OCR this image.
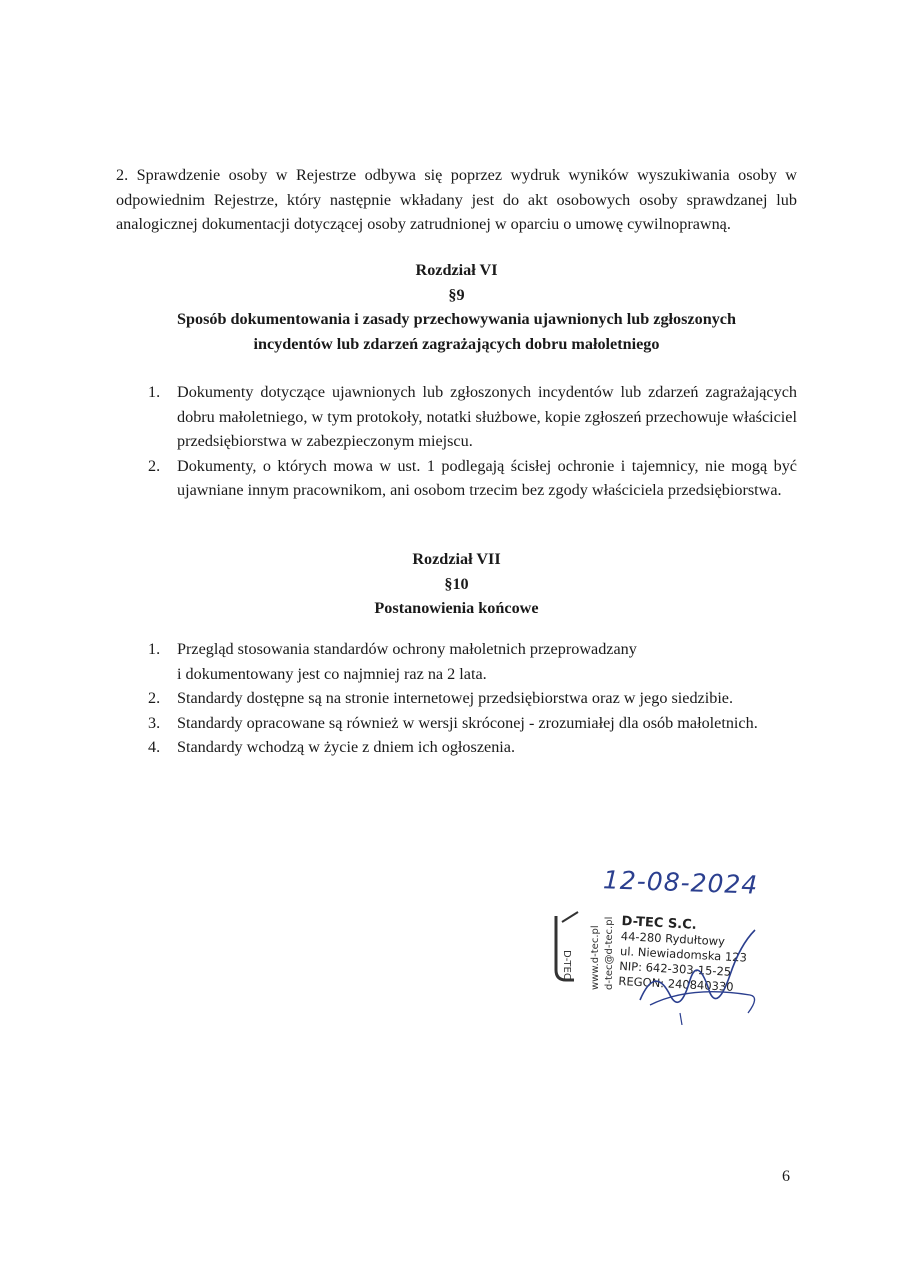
2. Sprawdzenie osoby w Rejestrze odbywa się poprzez wydruk wyników wyszukiwania osoby w odpowiednim Rejestrze, który następnie wkładany jest do akt osobowych osoby sprawdzanej lub analogicznej dokumentacji dotyczącej osoby zatrudnionej w oparciu o umowę cywilnoprawną.

Rozdział VI
§9
Sposób dokumentowania i zasady przechowywania ujawnionych lub zgłoszonych
incydentów lub zdarzeń zagrażających dobru małoletniego
1. Dokumenty dotyczące ujawnionych lub zgłoszonych incydentów lub zdarzeń zagrażających dobru małoletniego, w tym protokoły, notatki służbowe, kopie zgłoszeń przechowuje właściciel przedsiębiorstwa w zabezpieczonym miejscu.
2. Dokumenty, o których mowa w ust. 1 podlegają ścisłej ochronie i tajemnicy, nie mogą być ujawniane innym pracownikom, ani osobom trzecim bez zgody właściciela przedsiębiorstwa.
Rozdział VII
§10
Postanowienia końcowe
1. Przegląd stosowania standardów ochrony małoletnich przeprowadzany
i dokumentowany jest co najmniej raz na 2 lata.
2. Standardy dostępne są na stronie internetowej przedsiębiorstwa oraz w jego siedzibie.
3. Standardy opracowane są również w wersji skróconej - zrozumiałej dla osób małoletnich.
4. Standardy wchodzą w życie z dniem ich ogłoszenia.
12-08-2024
D-TEC www.d-tec.pl d-tec@d-tec.pl D-TEC S.C.
44-280 Rydułtowy
ul. Niewiadomska 123
NIP: 642-303-15-25
REGON: 240840330
6
